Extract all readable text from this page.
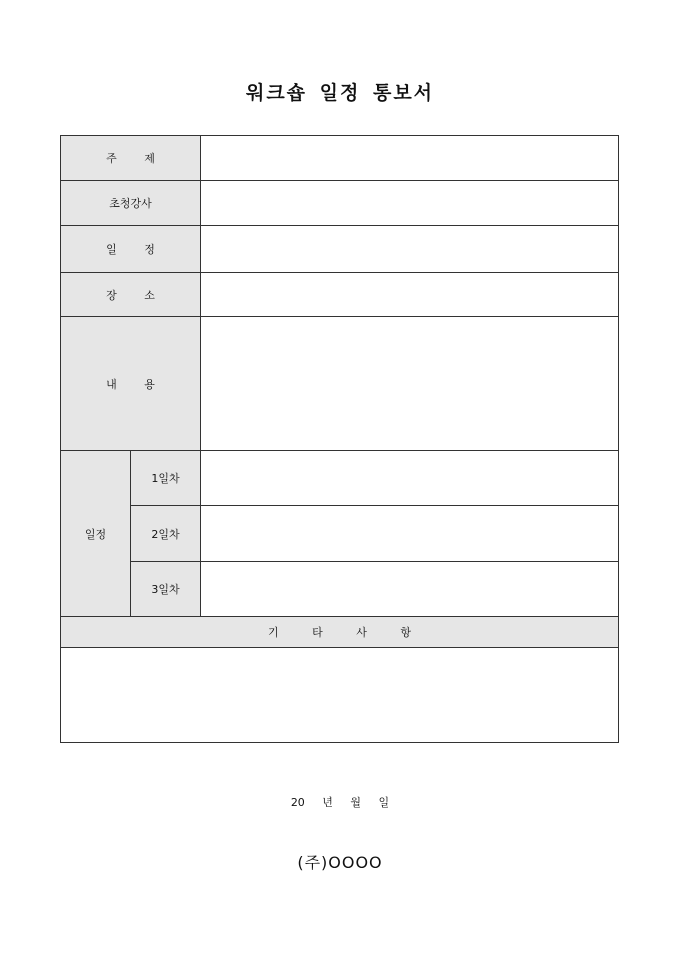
워크숍 일정 통보서
주 제		
초청강사		
일 정		
장 소		
내 용		
일정	1일차	
	2일차	
	3일차	
기 타 사 항		

20 년 월 일
(주)OOOO
